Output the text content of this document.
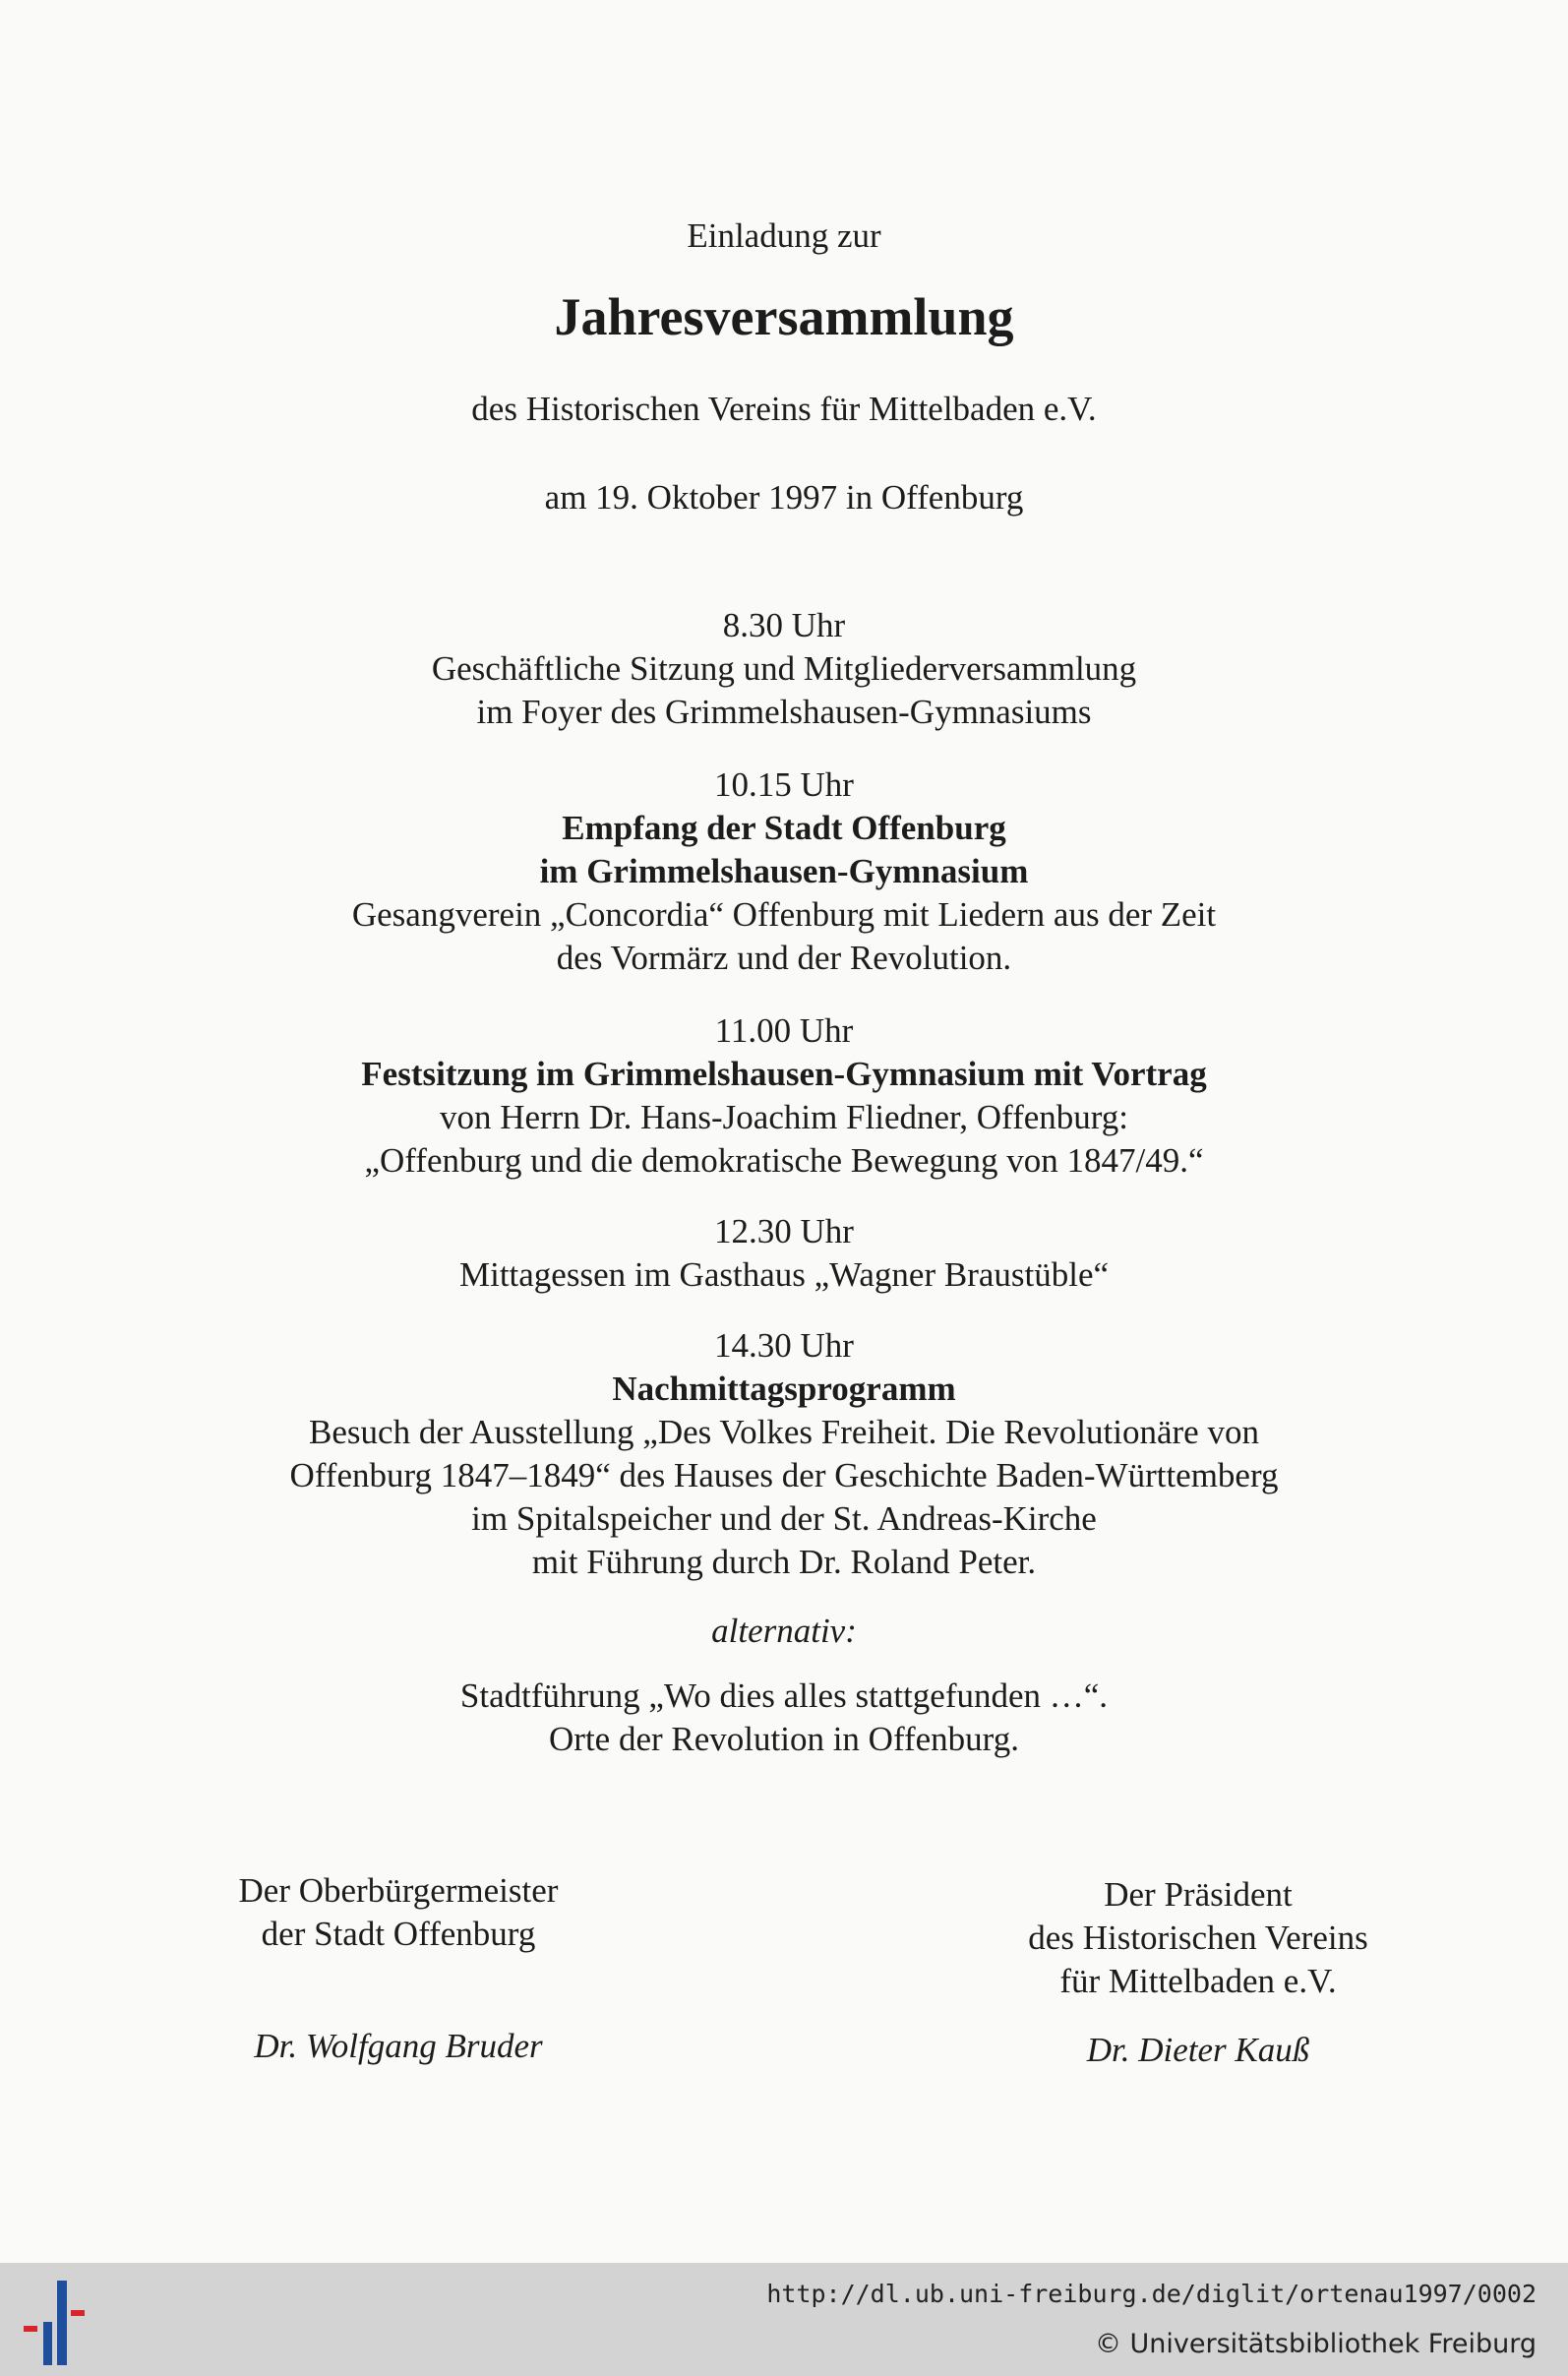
Einladung zur
Jahresversammlung
des Historischen Vereins für Mittelbaden e.V.
am 19. Oktober 1997 in Offenburg
8.30 Uhr
Geschäftliche Sitzung und Mitgliederversammlung
im Foyer des Grimmelshausen-Gymnasiums
10.15 Uhr
Empfang der Stadt Offenburg
im Grimmelshausen-Gymnasium
Gesangverein „Concordia“ Offenburg mit Liedern aus der Zeit
des Vormärz und der Revolution.
11.00 Uhr
Festsitzung im Grimmelshausen-Gymnasium mit Vortrag
von Herrn Dr. Hans-Joachim Fliedner, Offenburg:
„Offenburg und die demokratische Bewegung von 1847/49.“
12.30 Uhr
Mittagessen im Gasthaus „Wagner Braustüble“
14.30 Uhr
Nachmittagsprogramm
Besuch der Ausstellung „Des Volkes Freiheit. Die Revolutionäre von
Offenburg 1847–1849“ des Hauses der Geschichte Baden-Württemberg
im Spitalspeicher und der St. Andreas-Kirche
mit Führung durch Dr. Roland Peter.
alternativ:
Stadtführung „Wo dies alles stattgefunden …“.
Orte der Revolution in Offenburg.
Der Oberbürgermeister
der Stadt Offenburg
Dr. Wolfgang Bruder
Der Präsident
des Historischen Vereins
für Mittelbaden e.V.
Dr. Dieter Kauß
http://dl.ub.uni-freiburg.de/diglit/ortenau1997/0002
© Universitätsbibliothek Freiburg
